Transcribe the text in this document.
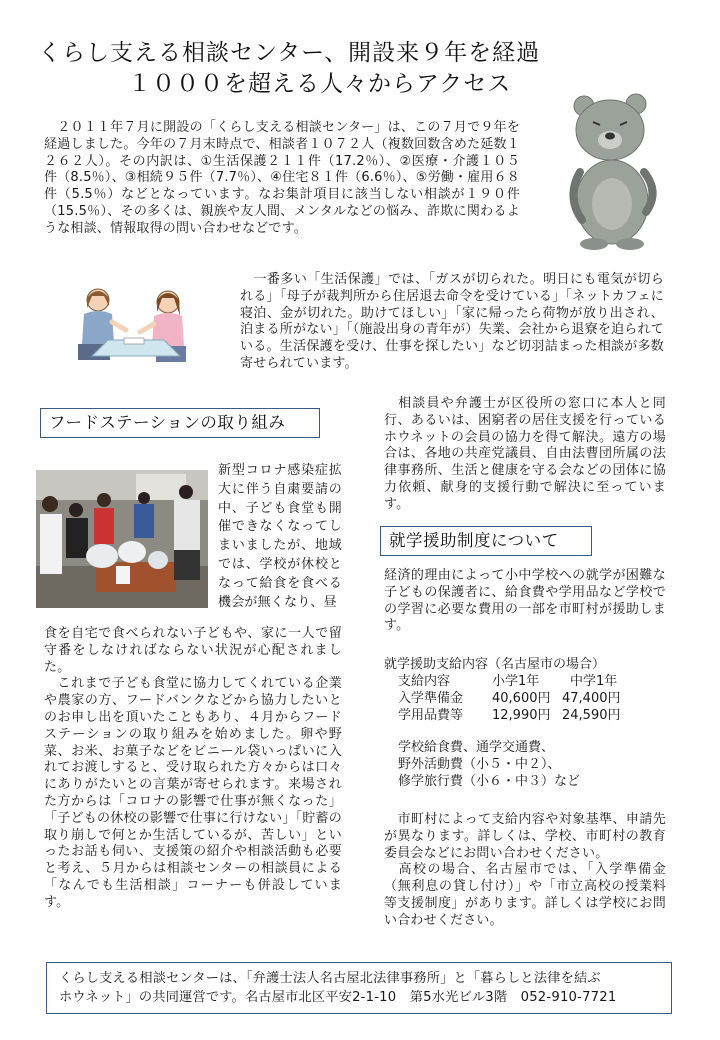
くらし支える相談センター、開設来９年を経過
１０００を超える人々からアクセス

　２０１１年７月に開設の「くらし支える相談センター」は、この７月で９年を経過しました。今年の７月末時点で、相談者１０７２人（複数回数含めた延数１２６２人）。その内訳は、①生活保護２１１件（17.2％）、②医療・介護１０５件（8.5％）、③相続９５件（7.7％）、④住宅８１件（6.6％）、⑤労働・雇用６８件（5.5％）などとなっています。なお集計項目に該当しない相談が１９０件（15.5％）、その多くは、親族や友人間、メンタルなどの悩み、詐欺に関わるような相談、情報取得の問い合わせなどです。

　一番多い「生活保護」では、「ガスが切られた。明日にも電気が切られる」「母子が裁判所から住居退去命令を受けている」「ネットカフェに寝泊、金が切れた。助けてほしい」「家に帰ったら荷物が放り出され、泊まる所がない」「（施設出身の青年が）失業、会社から退寮を迫られている。生活保護を受け、仕事を探したい」など切羽詰まった相談が多数寄せられています。

フードステーションの取り組み

　相談員や弁護士が区役所の窓口に本人と同行、あるいは、困窮者の居住支援を行っているホウネットの会員の協力を得て解決。遠方の場合は、各地の共産党議員、自由法曹団所属の法律事務所、生活と健康を守る会などの団体に協力依頼、献身的支援行動で解決に至っています。

新型コロナ感染症拡大に伴う自粛要請の中、子ども食堂も開催できなくなってしまいましたが、地域では、学校が休校となって給食を食べる機会が無くなり、昼

食を自宅で食べられない子どもや、家に一人で留守番をしなければならない状況が心配されました。

　これまで子ども食堂に協力してくれている企業や農家の方、フードバンクなどから協力したいとのお申し出を頂いたこともあり、４月からフードステーションの取り組みを始めました。卵や野菜、お米、お菓子などをビニール袋いっぱいに入れてお渡しすると、受け取られた方々からは口々にありがたいとの言葉が寄せられます。来場された方からは「コロナの影響で仕事が無くなった」「子どもの休校の影響で仕事に行けない」「貯蓄の取り崩しで何とか生活しているが、苦しい」といったお話も伺い、支援策の紹介や相談活動も必要と考え、５月からは相談センターの相談員による「なんでも生活相談」コーナーも併設しています。

就学援助制度について

経済的理由によって小中学校への就学が困難な子どもの保護者に、給食費や学用品など学校での学習に必要な費用の一部を市町村が援助します。

就学援助支給内容（名古屋市の場合）
支給内容	小学1年	中学1年
入学準備金	40,600円 47,400円
学用品費等	12,990円 24,590円
学校給食費、通学交通費、
野外活動費（小５・中２）、
修学旅行費（小６・中３）など

　市町村によって支給内容や対象基準、申請先が異なります。詳しくは、学校、市町村の教育委員会などにお問い合わせください。

　高校の場合、名古屋市では、「入学準備金（無利息の貸し付け）」や「市立高校の授業料等支援制度」があります。詳しくは学校にお問い合わせください。

くらし支える相談センターは、「弁護士法人名古屋北法律事務所」と「暮らしと法律を結ぶ
ホウネット」の共同運営です。名古屋市北区平安2-1-10　第5水光ビル3階　052-910-7721
